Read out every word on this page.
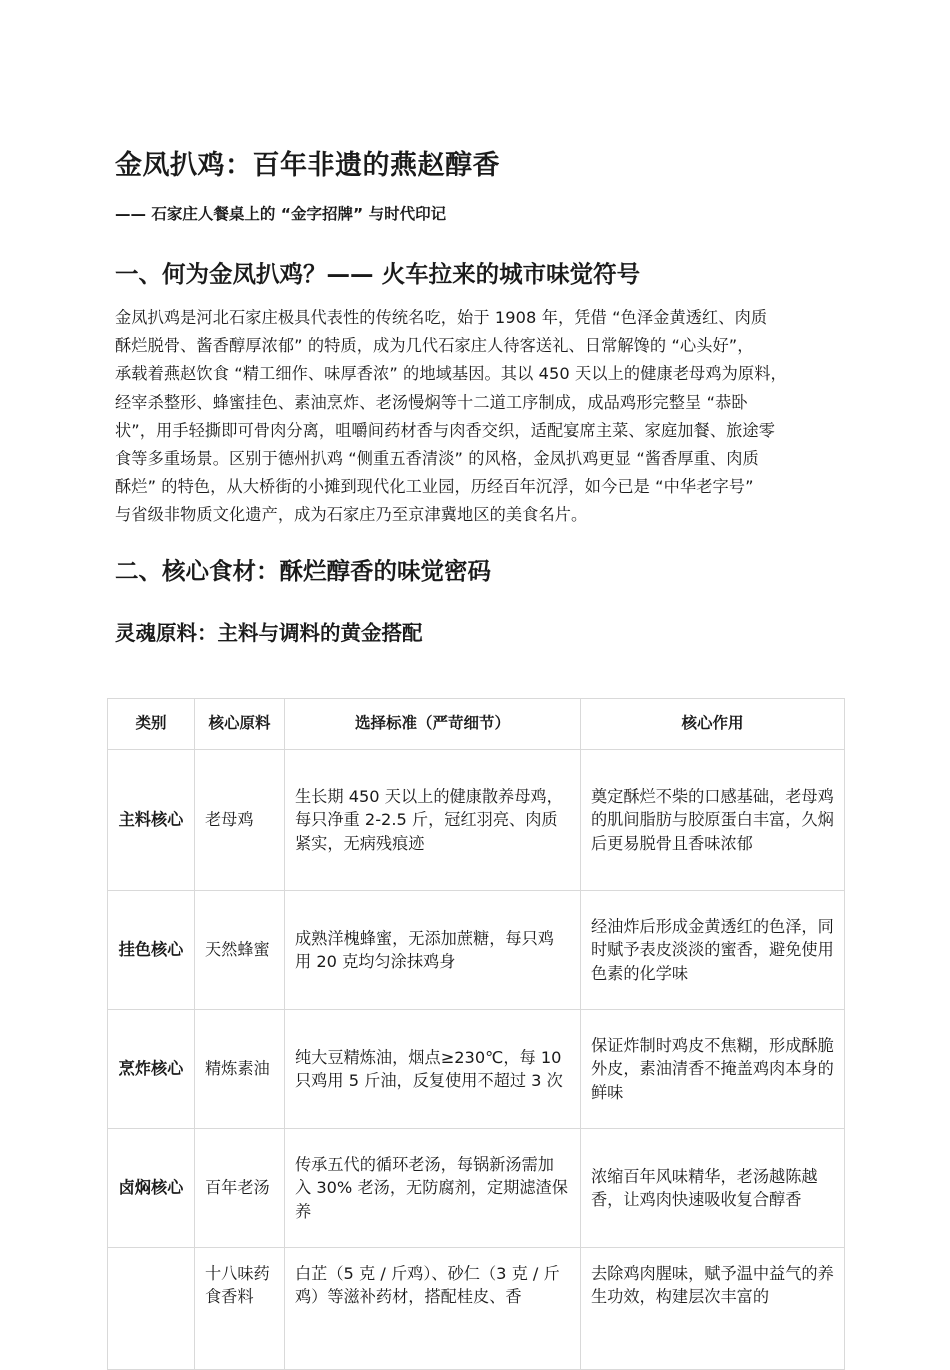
金凤扒鸡：百年非遗的燕赵醇香

—— 石家庄人餐桌上的 “金字招牌” 与时代印记

一、何为金凤扒鸡？—— 火车拉来的城市味觉符号

金凤扒鸡是河北石家庄极具代表性的传统名吃，始于 1908 年，凭借 “色泽金黄透红、肉质
酥烂脱骨、酱香醇厚浓郁” 的特质，成为几代石家庄人待客送礼、日常解馋的 “心头好”，
承载着燕赵饮食 “精工细作、味厚香浓” 的地域基因。其以 450 天以上的健康老母鸡为原料，
经宰杀整形、蜂蜜挂色、素油烹炸、老汤慢焖等十二道工序制成，成品鸡形完整呈 “恭卧
状”，用手轻撕即可骨肉分离，咀嚼间药材香与肉香交织，适配宴席主菜、家庭加餐、旅途零
食等多重场景。区别于德州扒鸡 “侧重五香清淡” 的风格，金凤扒鸡更显 “酱香厚重、肉质
酥烂” 的特色，从大桥街的小摊到现代化工业园，历经百年沉浮，如今已是 “中华老字号”
与省级非物质文化遗产，成为石家庄乃至京津冀地区的美食名片。

二、核心食材：酥烂醇香的味觉密码
灵魂原料：主料与调料的黄金搭配
类别	核心原料	选择标准（严苛细节）	核心作用
主料核心	老母鸡	生长期 450 天以上的健康散养母鸡，每只净重 2-2.5 斤，冠红羽亮、肉质紧实，无病残痕迹	奠定酥烂不柴的口感基础，老母鸡的肌间脂肪与胶原蛋白丰富，久焖后更易脱骨且香味浓郁
挂色核心	天然蜂蜜	成熟洋槐蜂蜜，无添加蔗糖，每只鸡用 20 克均匀涂抹鸡身	经油炸后形成金黄透红的色泽，同时赋予表皮淡淡的蜜香，避免使用色素的化学味
烹炸核心	精炼素油	纯大豆精炼油，烟点≥230℃，每 10 只鸡用 5 斤油，反复使用不超过 3 次	保证炸制时鸡皮不焦糊，形成酥脆外皮，素油清香不掩盖鸡肉本身的鲜味
卤焖核心	百年老汤	传承五代的循环老汤，每锅新汤需加入 30% 老汤，无防腐剂，定期滤渣保养	浓缩百年风味精华，老汤越陈越香，让鸡肉快速吸收复合醇香
	十八味药食香料	白芷（5 克 / 斤鸡）、砂仁（3 克 / 斤鸡）等滋补药材，搭配桂皮、香	去除鸡肉腥味，赋予温中益气的养生功效，构建层次丰富的
